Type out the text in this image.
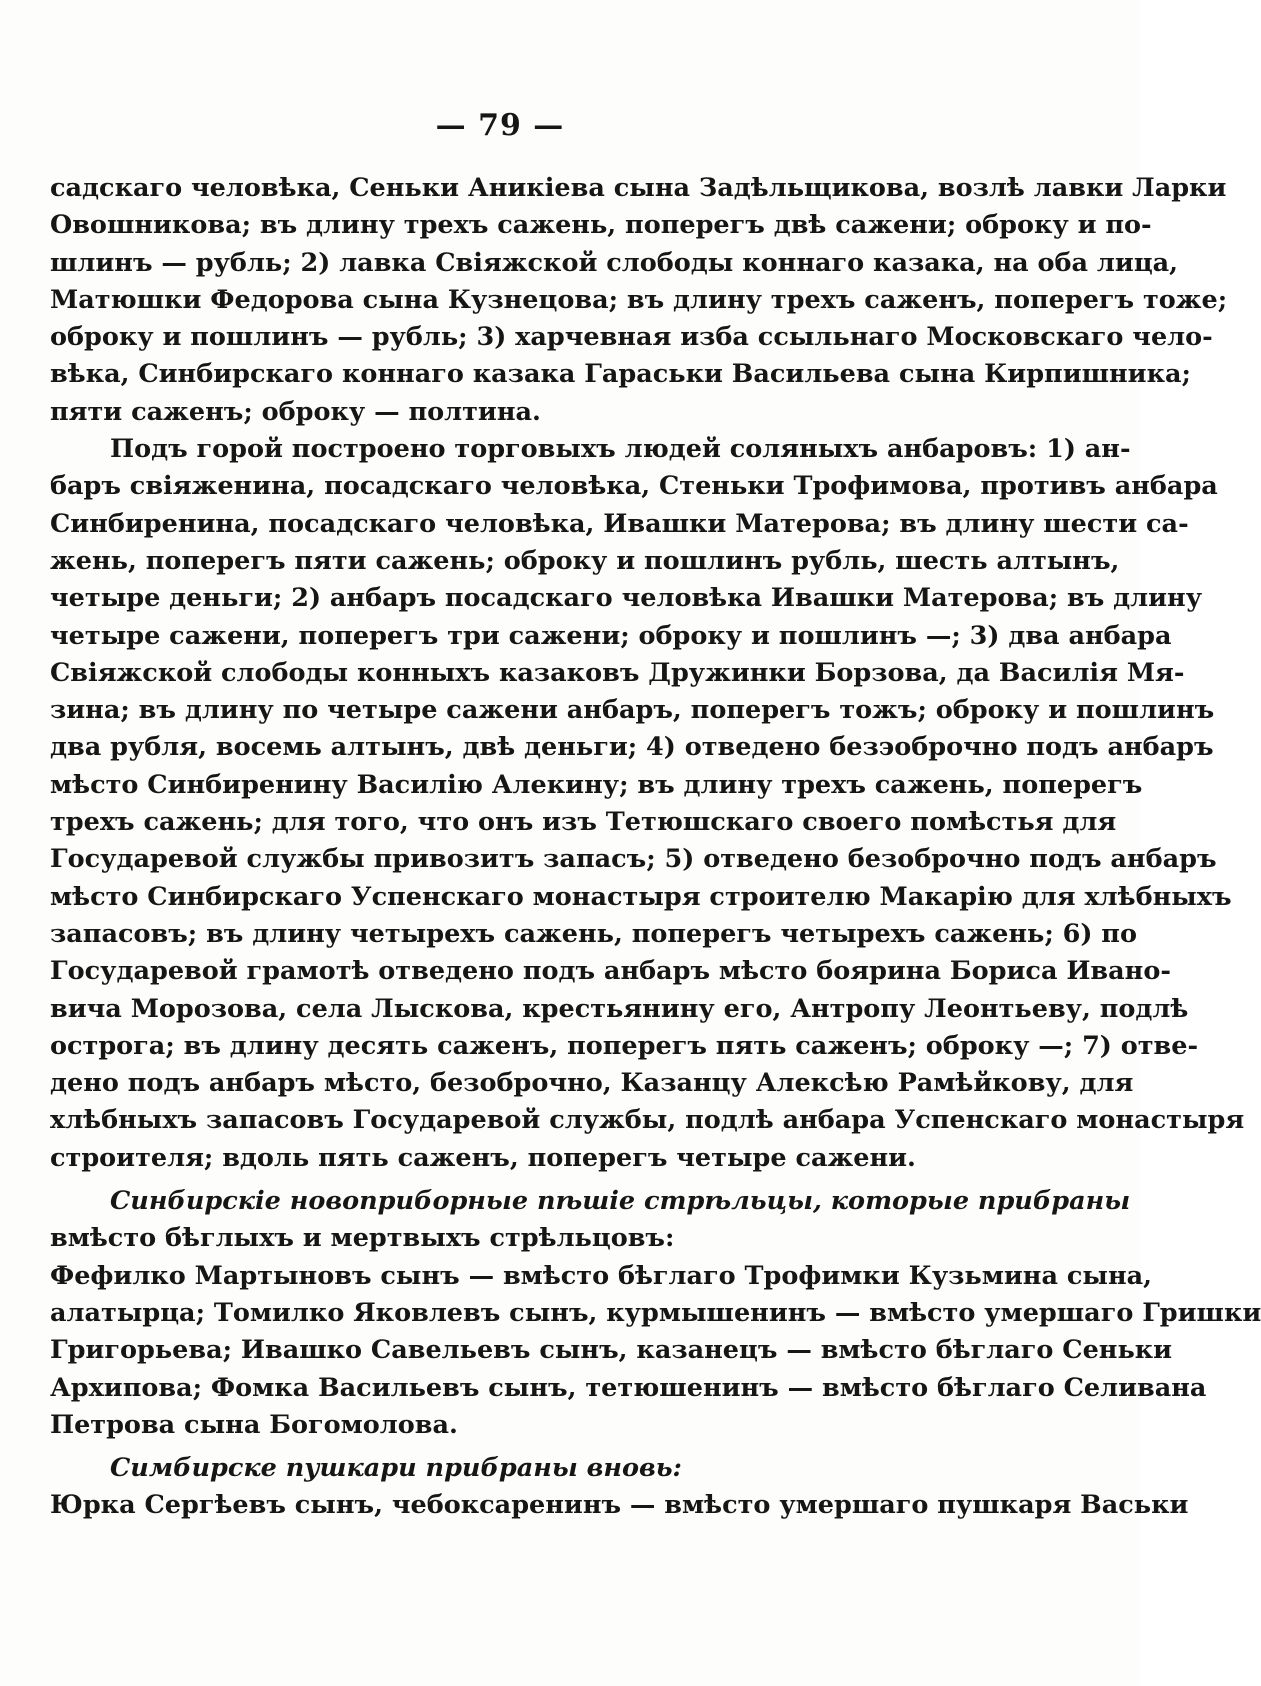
— 79 —
садскаго человѣка, Сеньки Аникіева сына Задѣльщикова, возлѣ лавки Ларки
Овошникова; въ длину трехъ сажень, поперегъ двѣ сажени; оброку и по-
шлинъ — рубль; 2) лавка Свіяжской слободы коннаго казака, на оба лица,
Матюшки Федорова сына Кузнецова; въ длину трехъ саженъ, поперегъ тоже;
оброку и пошлинъ — рубль; 3) харчевная изба ссыльнаго Московскаго чело-
вѣка, Синбирскаго коннаго казака Гараськи Васильева сына Кирпишника;
пяти саженъ; оброку — полтина.
Подъ горой построено торговыхъ людей соляныхъ анбаровъ: 1) ан-
баръ свіяженина, посадскаго человѣка, Стеньки Трофимова, противъ анбара
Синбиренина, посадскаго человѣка, Ивашки Матерова; въ длину шести са-
жень, поперегъ пяти сажень; оброку и пошлинъ рубль, шесть алтынъ,
четыре деньги; 2) анбаръ посадскаго человѣка Ивашки Матерова; въ длину
четыре сажени, поперегъ три сажени; оброку и пошлинъ —; 3) два анбара
Свіяжской слободы конныхъ казаковъ Дружинки Борзова, да Василія Мя-
зина; въ длину по четыре сажени анбаръ, поперегъ тожъ; оброку и пошлинъ
два рубля, восемь алтынъ, двѣ деньги; 4) отведено безэоброчно подъ анбаръ
мѣсто Синбиренину Василію Алекину; въ длину трехъ сажень, поперегъ
трехъ сажень; для того, что онъ изъ Тетюшскаго своего помѣстья для
Государевой службы привозитъ запасъ; 5) отведено безоброчно подъ анбаръ
мѣсто Синбирскаго Успенскаго монастыря строителю Макарію для хлѣбныхъ
запасовъ; въ длину четырехъ сажень, поперегъ четырехъ сажень; 6) по
Государевой грамотѣ отведено подъ анбаръ мѣсто боярина Бориса Ивано-
вича Морозова, села Лыскова, крестьянину его, Антропу Леонтьеву, подлѣ
острога; въ длину десять саженъ, поперегъ пять саженъ; оброку —; 7) отве-
дено подъ анбаръ мѣсто, безоброчно, Казанцу Алексѣю Рамѣйкову, для
хлѣбныхъ запасовъ Государевой службы, подлѣ анбара Успенскаго монастыря
строителя; вдоль пять саженъ, поперегъ четыре сажени.
Синбирскіе новоприборные пѣшіе стрѣльцы, которые прибраны
вмѣсто бѣглыхъ и мертвыхъ стрѣльцовъ:
Фефилко Мартыновъ сынъ — вмѣсто бѣглаго Трофимки Кузьмина сына,
алатырца; Томилко Яковлевъ сынъ, курмышенинъ — вмѣсто умершаго Гришки
Григорьева; Ивашко Савельевъ сынъ, казанецъ — вмѣсто бѣглаго Сеньки
Архипова; Фомка Васильевъ сынъ, тетюшенинъ — вмѣсто бѣглаго Селивана
Петрова сына Богомолова.
Симбирске пушкари прибраны вновь:
Юрка Сергѣевъ сынъ, чебоксаренинъ — вмѣсто умершаго пушкаря Васьки
